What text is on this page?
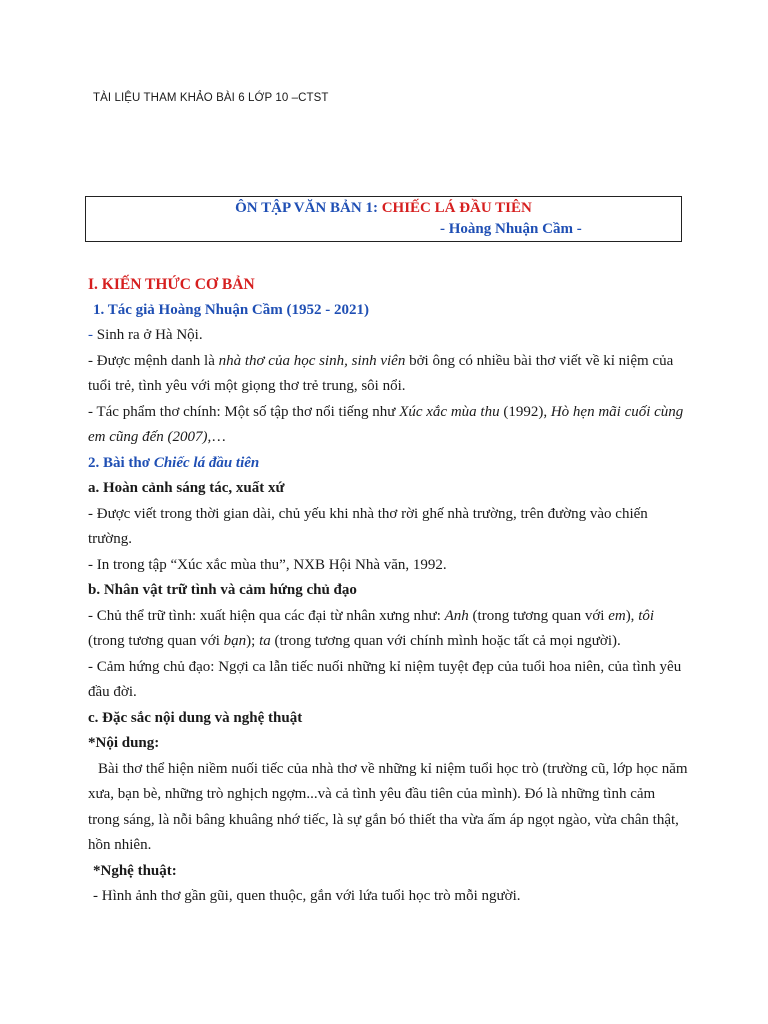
TÀI LIỆU THAM KHẢO BÀI 6 LỚP 10 –CTST
ÔN TẬP VĂN BẢN 1: CHIẾC LÁ ĐẦU TIÊN
- Hoàng Nhuận Cầm -

I. KIẾN THỨC CƠ BẢN

1. Tác giả Hoàng Nhuận Cầm (1952 - 2021)

- Sinh ra ở Hà Nội.

- Được mệnh danh là nhà thơ của học sinh, sinh viên bởi ông có nhiều bài thơ viết về kỉ niệm của tuổi trẻ, tình yêu với một giọng thơ trẻ trung, sôi nổi.

- Tác phẩm thơ chính: Một số tập thơ nổi tiếng như Xúc xắc mùa thu (1992), Hò hẹn mãi cuối cùng em cũng đến (2007),…

2. Bài thơ Chiếc lá đầu tiên

a. Hoàn cảnh sáng tác, xuất xứ

- Được viết trong thời gian dài, chủ yếu khi nhà thơ rời ghế nhà trường, trên đường vào chiến trường.

- In trong tập “Xúc xắc mùa thu”, NXB Hội Nhà văn, 1992.

b. Nhân vật trữ tình và cảm hứng chủ đạo

- Chủ thể trữ tình: xuất hiện qua các đại từ nhân xưng như: Anh (trong tương quan với em), tôi (trong tương quan với bạn); ta (trong tương quan với chính mình hoặc tất cả mọi người).

- Cảm hứng chủ đạo: Ngợi ca lẫn tiếc nuối những kỉ niệm tuyệt đẹp của tuổi hoa niên, của tình yêu đầu đời.

c. Đặc sắc nội dung và nghệ thuật

*Nội dung:

Bài thơ thể hiện niềm nuối tiếc của nhà thơ về những kỉ niệm tuổi học trò (trường cũ, lớp học năm xưa, bạn bè, những trò nghịch ngợm...và cả tình yêu đầu tiên của mình). Đó là những tình cảm trong sáng, là nỗi bâng khuâng nhớ tiếc, là sự gắn bó thiết tha vừa ấm áp ngọt ngào, vừa chân thật, hồn nhiên.

*Nghệ thuật:

- Hình ảnh thơ gần gũi, quen thuộc, gắn với lứa tuổi học trò mỗi người.
